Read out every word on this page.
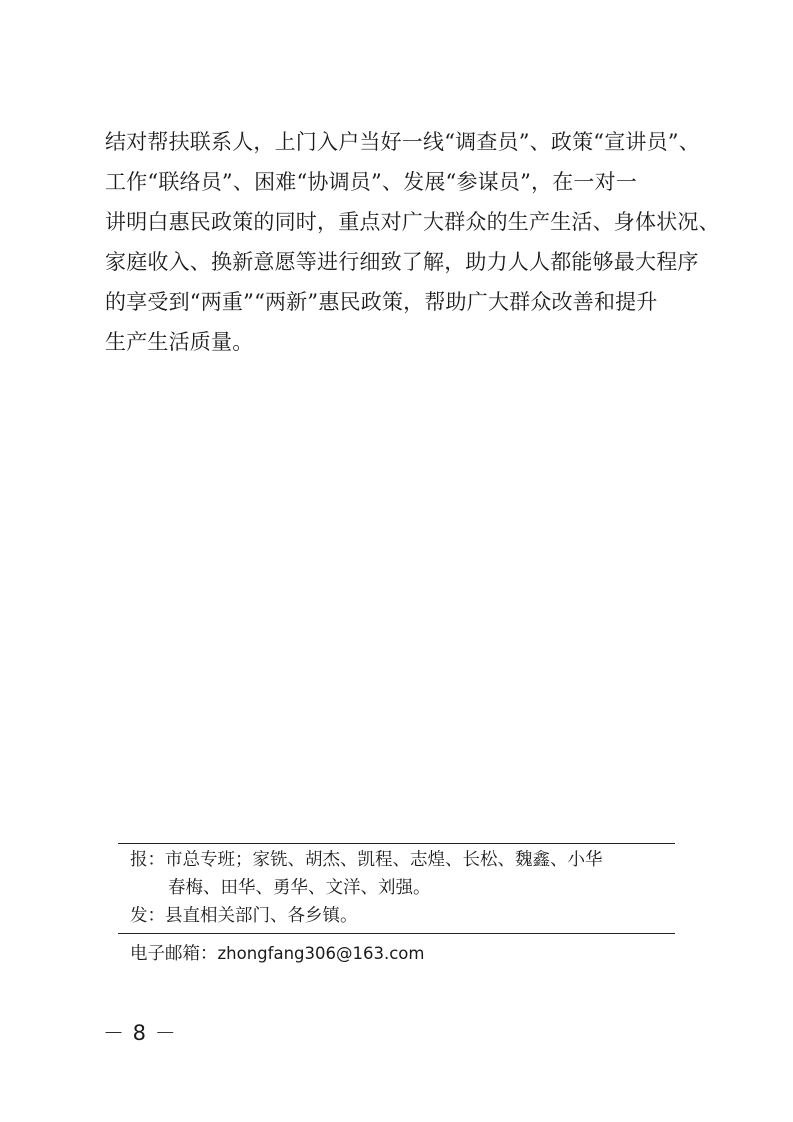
结对帮扶联系人，上门入户当好一线“调查员”、政策“宣讲员”、
工作“联络员”、困难“协调员”、发展“参谋员”，在一对一
讲明白惠民政策的同时，重点对广大群众的生产生活、身体状况、
家庭收入、换新意愿等进行细致了解，助力人人都能够最大程序
的享受到“两重”“两新”惠民政策，帮助广大群众改善和提升
生产生活质量。
报：市总专班；家铣、胡杰、凯程、志煌、长松、魏鑫、小华
春梅、田华、勇华、文洋、刘强。
发：县直相关部门、各乡镇。
电子邮箱：zhongfang306@163.com
－ 8 －
